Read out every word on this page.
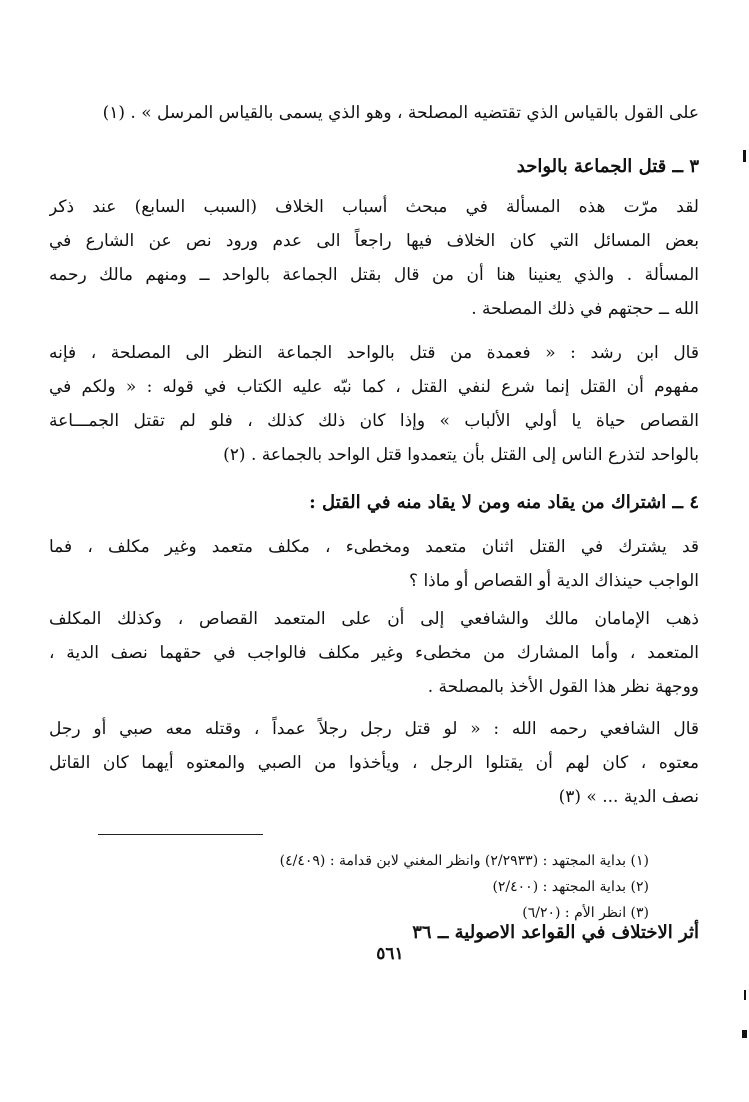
على القول بالقياس الذي تقتضيه المصلحة ، وهو الذي يسمى بالقياس المرسل » . (١)
٣ ــ قتل الجماعة بالواحد
لقد مرّت هذه المسألة في مبحث أسباب الخلاف (السبب السابع) عند ذكر
بعض المسائل التي كان الخلاف فيها راجعاً الى عدم ورود نص عن الشارع في
المسألة . والذي يعنينا هنا أن من قال بقتل الجماعة بالواحد ــ ومنهم مالك رحمه
الله ــ حجتهم في ذلك المصلحة .
قال ابن رشد : « فعمدة من قتل بالواحد الجماعة النظر الى المصلحة ، فإنه
مفهوم أن القتل إنما شرع لنفي القتل ، كما نبّه عليه الكتاب في قوله : « ولكم في
القصاص حياة يا أولي الألباب » وإذا كان ذلك كذلك ، فلو لم تقتل الجمـــاعة
بالواحد لتذرع الناس إلى القتل بأن يتعمدوا قتل الواحد بالجماعة . (٢)
٤ ــ اشتراك من يقاد منه ومن لا يقاد منه في القتل :
قد يشترك في القتل اثنان متعمد ومخطىء ، مكلف متعمد وغير مكلف ، فما
الواجب حينذاك الدية أو القصاص أو ماذا ؟
ذهب الإمامان مالك والشافعي إلى أن على المتعمد القصاص ، وكذلك المكلف
المتعمد ، وأما المشارك من مخطىء وغير مكلف فالواجب في حقهما نصف الدية ،
ووجهة نظر هذا القول الأخذ بالمصلحة .
قال الشافعي رحمه الله : « لو قتل رجل رجلاً عمداً ، وقتله معه صبي أو رجل
معتوه ، كان لهم أن يقتلوا الرجل ، ويأخذوا من الصبي والمعتوه أيهما كان القاتل
نصف الدية ... » (٣)
(١) بداية المجتهد : (٢/٢٩٣٣) وانظر المغني لابن قدامة : (٤/٤٠٩)
(٢) بداية المجتهد : (٢/٤٠٠)
(٣) انظر الأم : (٦/٢٠)
أثر الاختلاف في القواعد الاصولية ــ ٣٦
٥٦١
